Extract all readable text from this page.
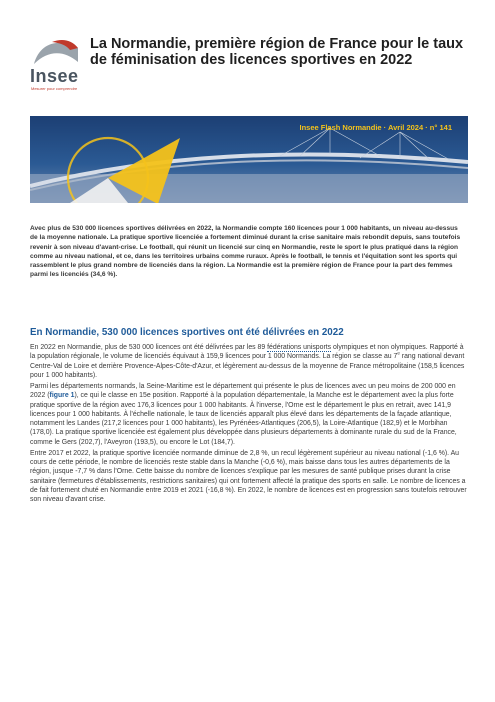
Insee
Mesurer pour comprendre
La Normandie, première région de France pour le taux de féminisation des licences sportives en 2022
Insee Flash Normandie · Avril 2024 · n° 141

Avec plus de 530 000 licences sportives délivrées en 2022, la Normandie compte 160 licences pour 1 000 habitants, un niveau au-dessus de la moyenne nationale. La pratique sportive licenciée a fortement diminué durant la crise sanitaire mais rebondit depuis, sans toutefois revenir à son niveau d'avant-crise. Le football, qui réunit un licencié sur cinq en Normandie, reste le sport le plus pratiqué dans la région comme au niveau national, et ce, dans les territoires urbains comme ruraux. Après le football, le tennis et l'équitation sont les sports qui rassemblent le plus grand nombre de licenciés dans la région. La Normandie est la première région de France pour la part des femmes parmi les licenciés (34,6 %).

En Normandie, 530 000 licences sportives ont été délivrées en 2022

En 2022 en Normandie, plus de 530 000 licences ont été délivrées par les 89 fédérations unisports olympiques et non olympiques. Rapporté à la population régionale, le volume de licenciés équivaut à 159,9 licences pour 1 000 Normands. La région se classe au 7e rang national devant Centre-Val de Loire et derrière Provence-Alpes-Côte-d'Azur, et légèrement au-dessus de la moyenne de France métropolitaine (158,5 licences pour 1 000 habitants).

Parmi les départements normands, la Seine-Maritime est le département qui présente le plus de licences avec un peu moins de 200 000 en 2022 (figure 1), ce qui le classe en 15e position. Rapporté à la population départementale, la Manche est le département avec la plus forte pratique sportive de la région avec 176,3 licences pour 1 000 habitants. À l'inverse, l'Orne est le département le plus en retrait, avec 141,9 licences pour 1 000 habitants. À l'échelle nationale, le taux de licenciés apparaît plus élevé dans les départements de la façade atlantique, notamment les Landes (217,2 licences pour 1 000 habitants), les Pyrénées-Atlantiques (206,5), la Loire-Atlantique (182,9) et le Morbihan (178,0). La pratique sportive licenciée est également plus développée dans plusieurs départements à dominante rurale du sud de la France, comme le Gers (202,7), l'Aveyron (193,5), ou encore le Lot (184,7).

Entre 2017 et 2022, la pratique sportive licenciée normande diminue de 2,8 %, un recul légèrement supérieur au niveau national (-1,6 %). Au cours de cette période, le nombre de licenciés reste stable dans la Manche (-0,6 %), mais baisse dans tous les autres départements de la région, jusque -7,7 % dans l'Orne. Cette baisse du nombre de licences s'explique par les mesures de santé publique prises durant la crise sanitaire (fermetures d'établissements, restrictions sanitaires) qui ont fortement affecté la pratique des sports en salle. Le nombre de licences a de fait fortement chuté en Normandie entre 2019 et 2021 (-16,8 %). En 2022, le nombre de licences est en progression sans toutefois retrouver son niveau d'avant crise.
